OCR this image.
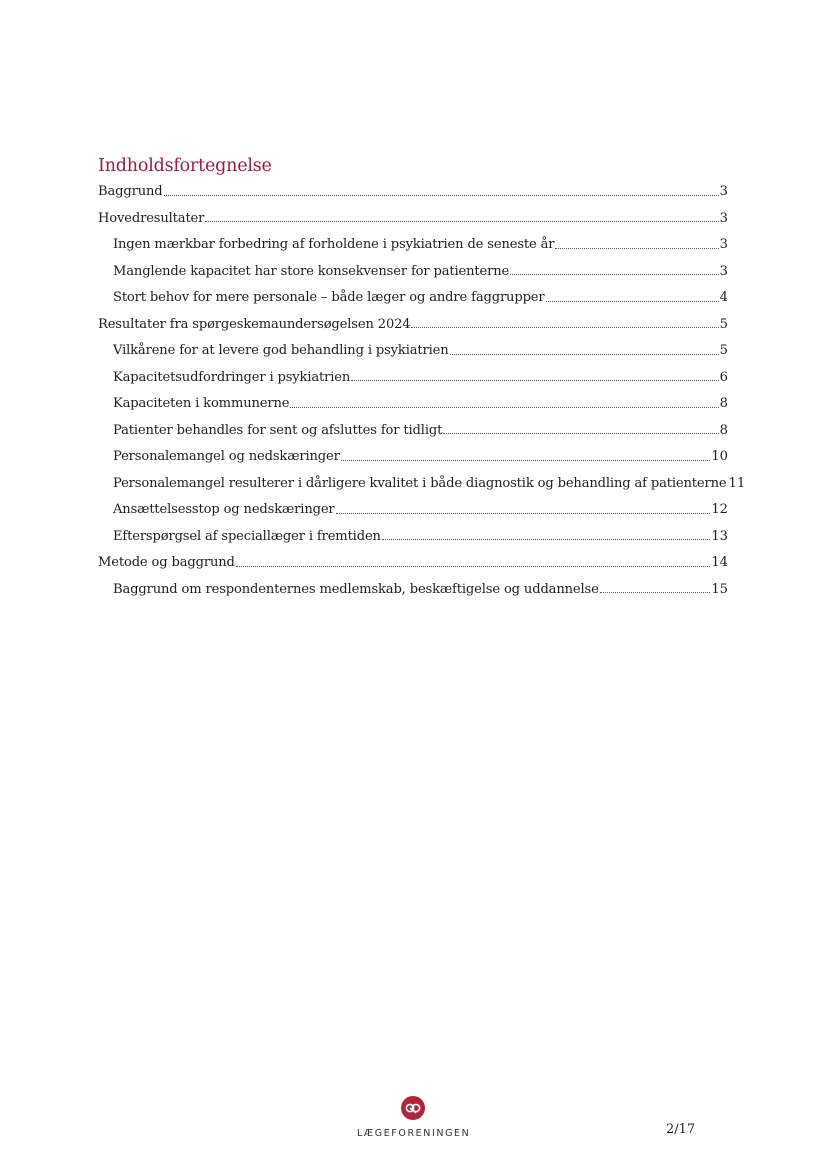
Indholdsfortegnelse
Baggrund	3
Hovedresultater	3
Ingen mærkbar forbedring af forholdene i psykiatrien de seneste år	3
Manglende kapacitet har store konsekvenser for patienterne	3
Stort behov for mere personale – både læger og andre faggrupper	4
Resultater fra spørgeskemaundersøgelsen 2024	5
Vilkårene for at levere god behandling i psykiatrien	5
Kapacitetsudfordringer i psykiatrien	6
Kapaciteten i kommunerne	8
Patienter behandles for sent og afsluttes for tidligt	8
Personalemangel og nedskæringer	10
Personalemangel resulterer i dårligere kvalitet i både diagnostik og behandling af patienterne 11
Ansættelsesstop og nedskæringer	12
Efterspørgsel af speciallæger i fremtiden	13
Metode og baggrund	14
Baggrund om respondenternes medlemskab, beskæftigelse og uddannelse	15
LÆGEFORENINGEN	2/17
